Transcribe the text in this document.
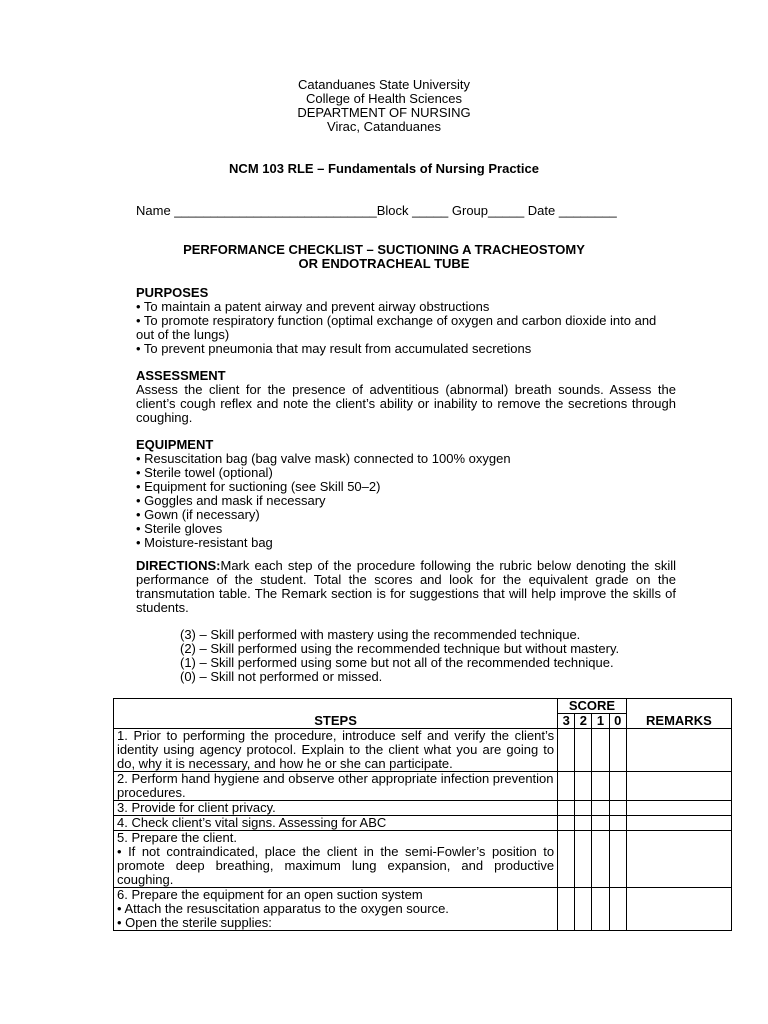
Catanduanes State University
College of Health Sciences
DEPARTMENT OF NURSING
Virac, Catanduanes
NCM 103 RLE – Fundamentals of Nursing Practice
Name ____________________________Block _____ Group_____ Date ________
PERFORMANCE CHECKLIST – SUCTIONING A TRACHEOSTOMY
OR ENDOTRACHEAL TUBE
PURPOSES
• To maintain a patent airway and prevent airway obstructions
• To promote respiratory function (optimal exchange of oxygen and carbon dioxide into and out of the lungs)
• To prevent pneumonia that may result from accumulated secretions
ASSESSMENT

Assess the client for the presence of adventitious (abnormal) breath sounds. Assess the client’s cough reflex and note the client’s ability or inability to remove the secretions through coughing.

EQUIPMENT
• Resuscitation bag (bag valve mask) connected to 100% oxygen
• Sterile towel (optional)
• Equipment for suctioning (see Skill 50–2)
• Goggles and mask if necessary
• Gown (if necessary)
• Sterile gloves
• Moisture-resistant bag
DIRECTIONS:Mark each step of the procedure following the rubric below denoting the skill performance of the student. Total the scores and look for the equivalent grade on the transmutation table. The Remark section is for suggestions that will help improve the skills of students.
(3) – Skill performed with mastery using the recommended technique.
(2) – Skill performed using the recommended technique but without mastery.
(1) – Skill performed using some but not all of the recommended technique.
(0) – Skill not performed or missed.
STEPS	SCORE				REMARKS
	3	2	1	0	
1. Prior to performing the procedure, introduce self and verify the client’s identity using agency protocol. Explain to the client what you are going to do, why it is necessary, and how he or she can participate.					
2. Perform hand hygiene and observe other appropriate infection prevention procedures.					
3. Provide for client privacy.					
4. Check client’s vital signs. Assessing for ABC					

5. Prepare the client.
• If not contraindicated, place the client in the semi-Fowler’s position to promote deep breathing, maximum lung expansion, and productive coughing.					

6. Prepare the equipment for an open suction system
• Attach the resuscitation apparatus to the oxygen source.
• Open the sterile supplies:					
